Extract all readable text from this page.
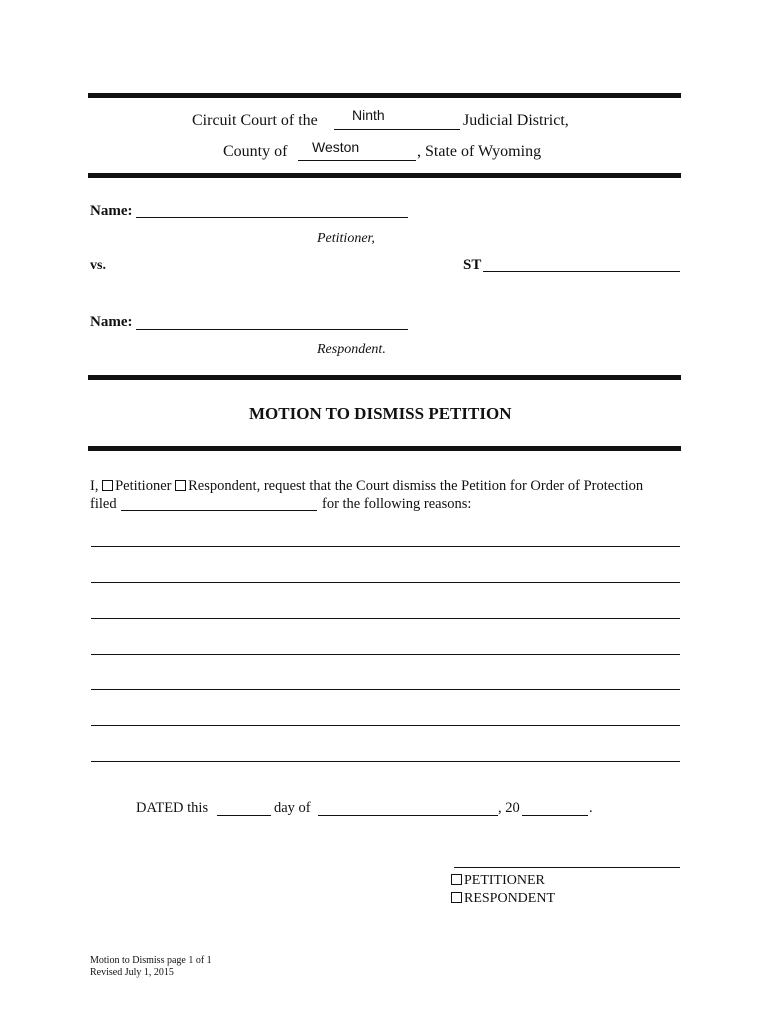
Circuit Court of the Ninth	Judicial District,
County of Weston	, State of Wyoming
Name:
Petitioner,
vs.	ST
Name:
Respondent.
MOTION TO DISMISS PETITION
I, Petitioner Respondent, request that the Court dismiss the Petition for Order of Protection
filed	for the following reasons:
DATED this	day of	, 20	.
PETITIONER
RESPONDENT
Motion to Dismiss page 1 of 1
Revised July 1, 2015
